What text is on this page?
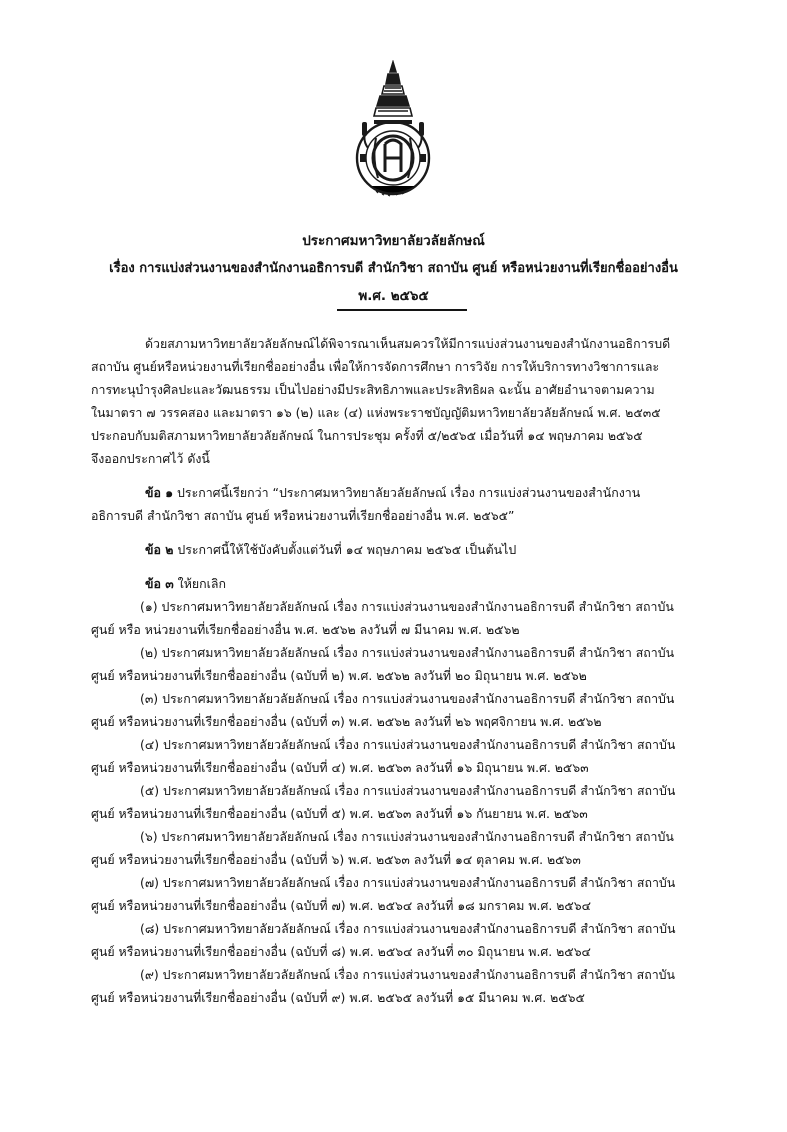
ประกาศมหาวิทยาลัยวลัยลักษณ์
เรื่อง การแบ่งส่วนงานของสำนักงานอธิการบดี สำนักวิชา สถาบัน ศูนย์ หรือหน่วยงานที่เรียกชื่ออย่างอื่น
พ.ศ. ๒๕๖๕
ด้วยสภามหาวิทยาลัยวลัยลักษณ์ได้พิจารณาเห็นสมควรให้มีการแบ่งส่วนงานของสำนักงานอธิการบดี
สถาบัน ศูนย์หรือหน่วยงานที่เรียกชื่ออย่างอื่น เพื่อให้การจัดการศึกษา การวิจัย การให้บริการทางวิชาการและ
การทะนุบำรุงศิลปะและวัฒนธรรม เป็นไปอย่างมีประสิทธิภาพและประสิทธิผล ฉะนั้น อาศัยอำนาจตามความ
ในมาตรา ๗ วรรคสอง และมาตรา ๑๖ (๒) และ (๔) แห่งพระราชบัญญัติมหาวิทยาลัยวลัยลักษณ์ พ.ศ. ๒๕๓๕
ประกอบกับมติสภามหาวิทยาลัยวลัยลักษณ์ ในการประชุม ครั้งที่ ๕/๒๕๖๕ เมื่อวันที่ ๑๔ พฤษภาคม ๒๕๖๕
จึงออกประกาศไว้ ดังนี้
ข้อ ๑ ประกาศนี้เรียกว่า “ประกาศมหาวิทยาลัยวลัยลักษณ์ เรื่อง การแบ่งส่วนงานของสำนักงาน
อธิการบดี สำนักวิชา สถาบัน ศูนย์ หรือหน่วยงานที่เรียกชื่ออย่างอื่น พ.ศ. ๒๕๖๕”
ข้อ ๒ ประกาศนี้ให้ใช้บังคับตั้งแต่วันที่ ๑๔ พฤษภาคม ๒๕๖๕ เป็นต้นไป
ข้อ ๓ ให้ยกเลิก
(๑) ประกาศมหาวิทยาลัยวลัยลักษณ์ เรื่อง การแบ่งส่วนงานของสำนักงานอธิการบดี สำนักวิชา สถาบัน
ศูนย์ หรือ หน่วยงานที่เรียกชื่ออย่างอื่น พ.ศ. ๒๕๖๒ ลงวันที่ ๗ มีนาคม พ.ศ. ๒๕๖๒
(๒) ประกาศมหาวิทยาลัยวลัยลักษณ์ เรื่อง การแบ่งส่วนงานของสำนักงานอธิการบดี สำนักวิชา สถาบัน
ศูนย์ หรือหน่วยงานที่เรียกชื่ออย่างอื่น (ฉบับที่ ๒) พ.ศ. ๒๕๖๒ ลงวันที่ ๒๐ มิถุนายน พ.ศ. ๒๕๖๒
(๓) ประกาศมหาวิทยาลัยวลัยลักษณ์ เรื่อง การแบ่งส่วนงานของสำนักงานอธิการบดี สำนักวิชา สถาบัน
ศูนย์ หรือหน่วยงานที่เรียกชื่ออย่างอื่น (ฉบับที่ ๓) พ.ศ. ๒๕๖๒ ลงวันที่ ๒๖ พฤศจิกายน พ.ศ. ๒๕๖๒
(๔) ประกาศมหาวิทยาลัยวลัยลักษณ์ เรื่อง การแบ่งส่วนงานของสำนักงานอธิการบดี สำนักวิชา สถาบัน
ศูนย์ หรือหน่วยงานที่เรียกชื่ออย่างอื่น (ฉบับที่ ๔) พ.ศ. ๒๕๖๓ ลงวันที่ ๑๖ มิถุนายน พ.ศ. ๒๕๖๓
(๕) ประกาศมหาวิทยาลัยวลัยลักษณ์ เรื่อง การแบ่งส่วนงานของสำนักงานอธิการบดี สำนักวิชา สถาบัน
ศูนย์ หรือหน่วยงานที่เรียกชื่ออย่างอื่น (ฉบับที่ ๕) พ.ศ. ๒๕๖๓ ลงวันที่ ๑๖ กันยายน พ.ศ. ๒๕๖๓
(๖) ประกาศมหาวิทยาลัยวลัยลักษณ์ เรื่อง การแบ่งส่วนงานของสำนักงานอธิการบดี สำนักวิชา สถาบัน
ศูนย์ หรือหน่วยงานที่เรียกชื่ออย่างอื่น (ฉบับที่ ๖) พ.ศ. ๒๕๖๓ ลงวันที่ ๑๔ ตุลาคม พ.ศ. ๒๕๖๓
(๗) ประกาศมหาวิทยาลัยวลัยลักษณ์ เรื่อง การแบ่งส่วนงานของสำนักงานอธิการบดี สำนักวิชา สถาบัน
ศูนย์ หรือหน่วยงานที่เรียกชื่ออย่างอื่น (ฉบับที่ ๗) พ.ศ. ๒๕๖๔ ลงวันที่ ๑๘ มกราคม พ.ศ. ๒๕๖๔
(๘) ประกาศมหาวิทยาลัยวลัยลักษณ์ เรื่อง การแบ่งส่วนงานของสำนักงานอธิการบดี สำนักวิชา สถาบัน
ศูนย์ หรือหน่วยงานที่เรียกชื่ออย่างอื่น (ฉบับที่ ๘) พ.ศ. ๒๕๖๔ ลงวันที่ ๓๐ มิถุนายน พ.ศ. ๒๕๖๔
(๙) ประกาศมหาวิทยาลัยวลัยลักษณ์ เรื่อง การแบ่งส่วนงานของสำนักงานอธิการบดี สำนักวิชา สถาบัน
ศูนย์ หรือหน่วยงานที่เรียกชื่ออย่างอื่น (ฉบับที่ ๙) พ.ศ. ๒๕๖๕ ลงวันที่ ๑๕ มีนาคม พ.ศ. ๒๕๖๕
